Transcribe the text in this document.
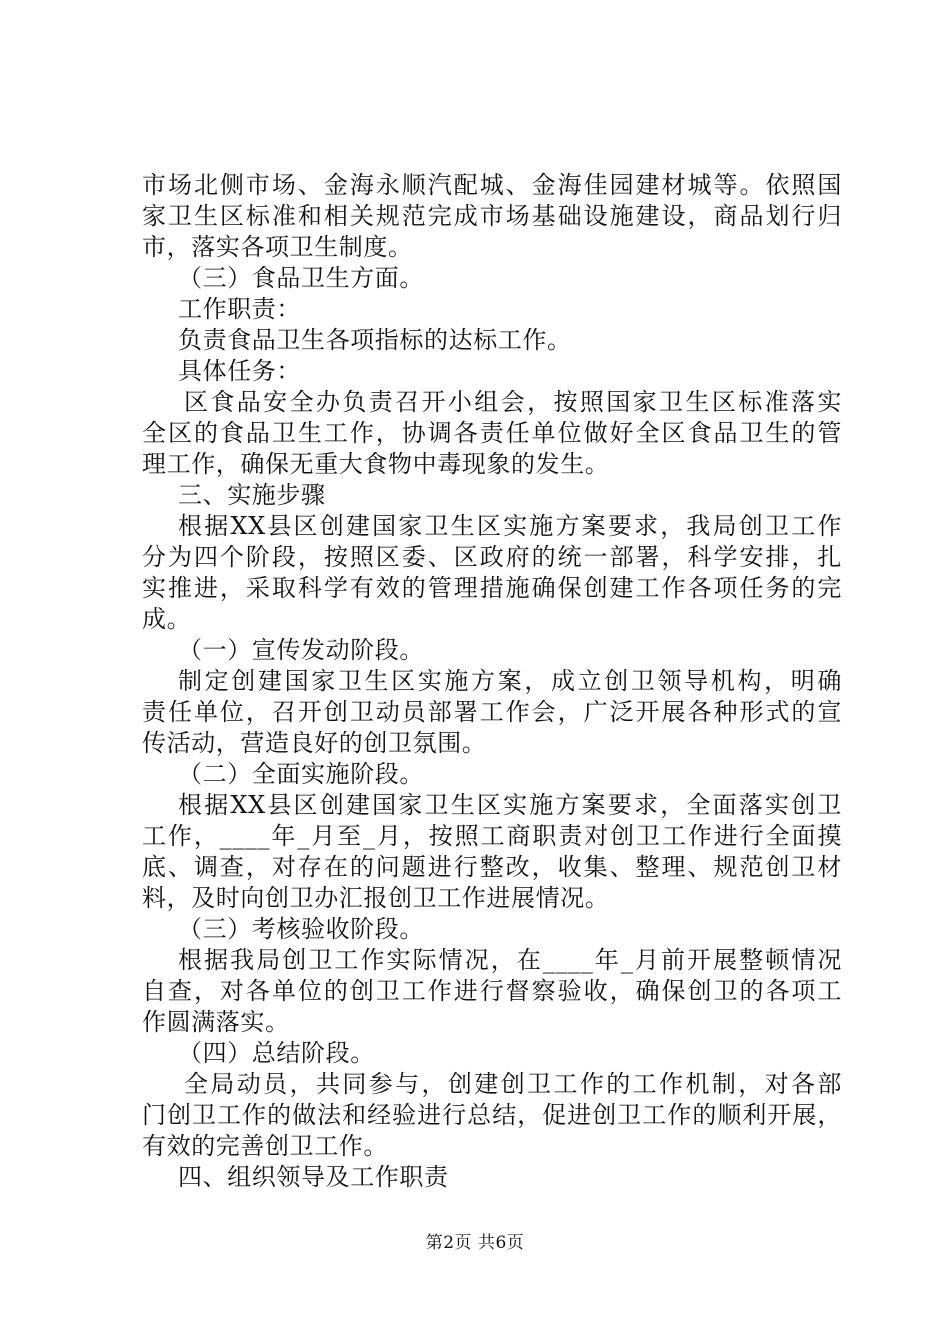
市场北侧市场、金海永顺汽配城、金海佳园建材城等。依照国
家卫生区标准和相关规范完成市场基础设施建设，商品划行归
市，落实各项卫生制度。
（三）食品卫生方面。
工作职责：
负责食品卫生各项指标的达标工作。
具体任务：
区食品安全办负责召开小组会，按照国家卫生区标准落实
全区的食品卫生工作，协调各责任单位做好全区食品卫生的管
理工作，确保无重大食物中毒现象的发生。
三、实施步骤
根据XX县区创建国家卫生区实施方案要求，我局创卫工作
分为四个阶段，按照区委、区政府的统一部署，科学安排，扎
实推进，采取科学有效的管理措施确保创建工作各项任务的完
成。
（一）宣传发动阶段。
制定创建国家卫生区实施方案，成立创卫领导机构，明确
责任单位，召开创卫动员部署工作会，广泛开展各种形式的宣
传活动，营造良好的创卫氛围。
（二）全面实施阶段。
根据XX县区创建国家卫生区实施方案要求，全面落实创卫
工作，____年_月至_月，按照工商职责对创卫工作进行全面摸
底、调查，对存在的问题进行整改，收集、整理、规范创卫材
料，及时向创卫办汇报创卫工作进展情况。
（三）考核验收阶段。
根据我局创卫工作实际情况，在____年_月前开展整顿情况
自查，对各单位的创卫工作进行督察验收，确保创卫的各项工
作圆满落实。
（四）总结阶段。
全局动员，共同参与，创建创卫工作的工作机制，对各部
门创卫工作的做法和经验进行总结，促进创卫工作的顺利开展，
有效的完善创卫工作。
四、组织领导及工作职责
第2页 共6页
